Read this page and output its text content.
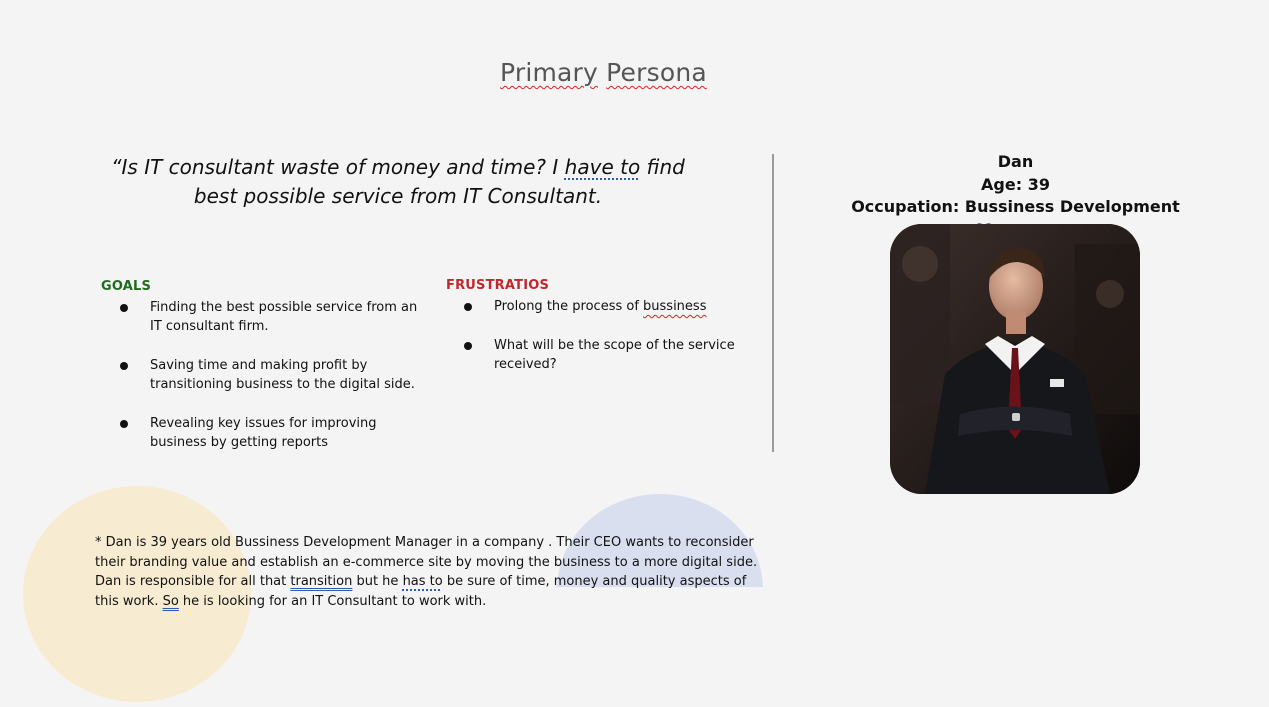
Primary Persona
“Is IT consultant waste of money and time? I have to find best possible service from IT Consultant.
GOALS
Finding the best possible service from an IT consultant firm.
Saving time and making profit by transitioning business to the digital side.
Revealing key issues for improving business by getting reports
FRUSTRATIOS
Prolong the process of bussiness
What will be the scope of the service received?
Dan
Age: 39
Occupation: Bussiness Development
* Dan is 39 years old Bussiness Development Manager in a company . Their CEO wants to reconsider their branding value and establish an e-commerce site by moving the business to a more digital side. Dan is responsible for all that transition but he has to be sure of time, money and quality aspects of this work. So he is looking for an IT Consultant to work with.
